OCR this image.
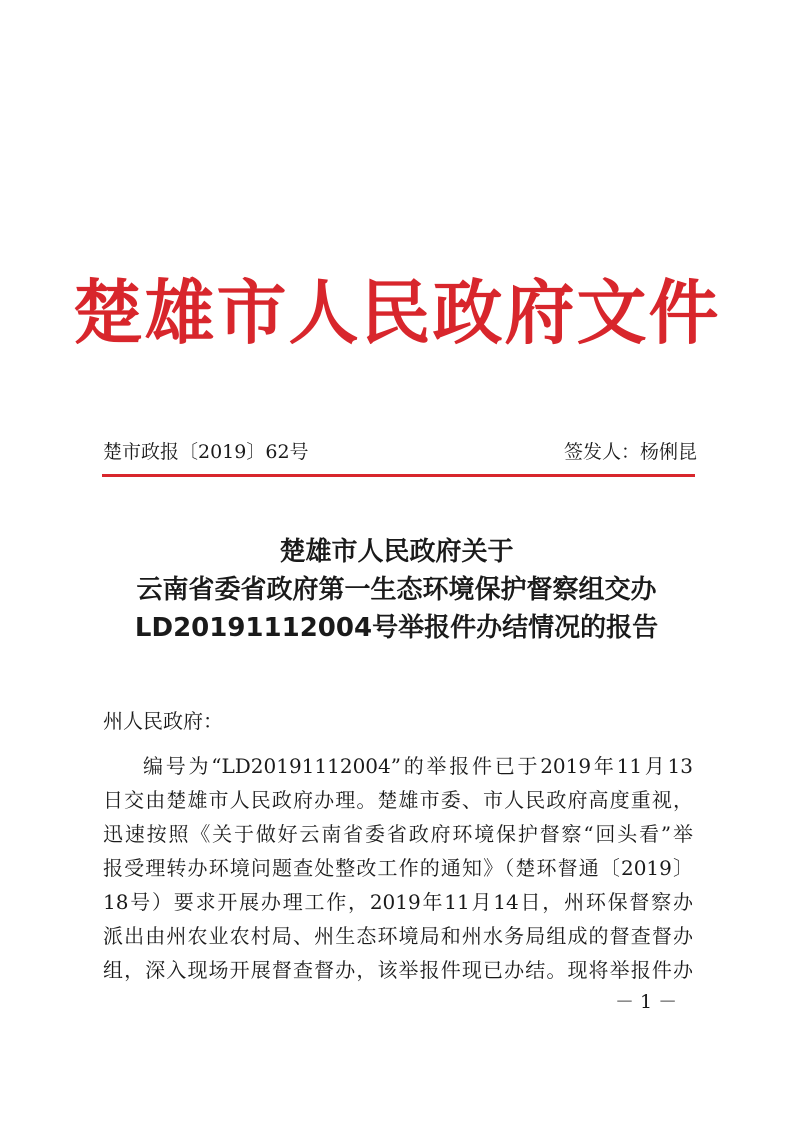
楚雄市人民政府文件
楚市政报〔2019〕62号	签发人：杨俐昆
楚雄市人民政府关于
云南省委省政府第一生态环境保护督察组交办
LD20191112004号举报件办结情况的报告
州人民政府：
编号为“LD20191112004”的举报件已于2019年11月13
日交由楚雄市人民政府办理。楚雄市委、市人民政府高度重视，
迅速按照《关于做好云南省委省政府环境保护督察“回头看”举
报受理转办环境问题查处整改工作的通知》（楚环督通〔2019〕
18号）要求开展办理工作，2019年11月14日，州环保督察办
派出由州农业农村局、州生态环境局和州水务局组成的督查督办
组，深入现场开展督查督办，该举报件现已办结。现将举报件办
－ 1 －
